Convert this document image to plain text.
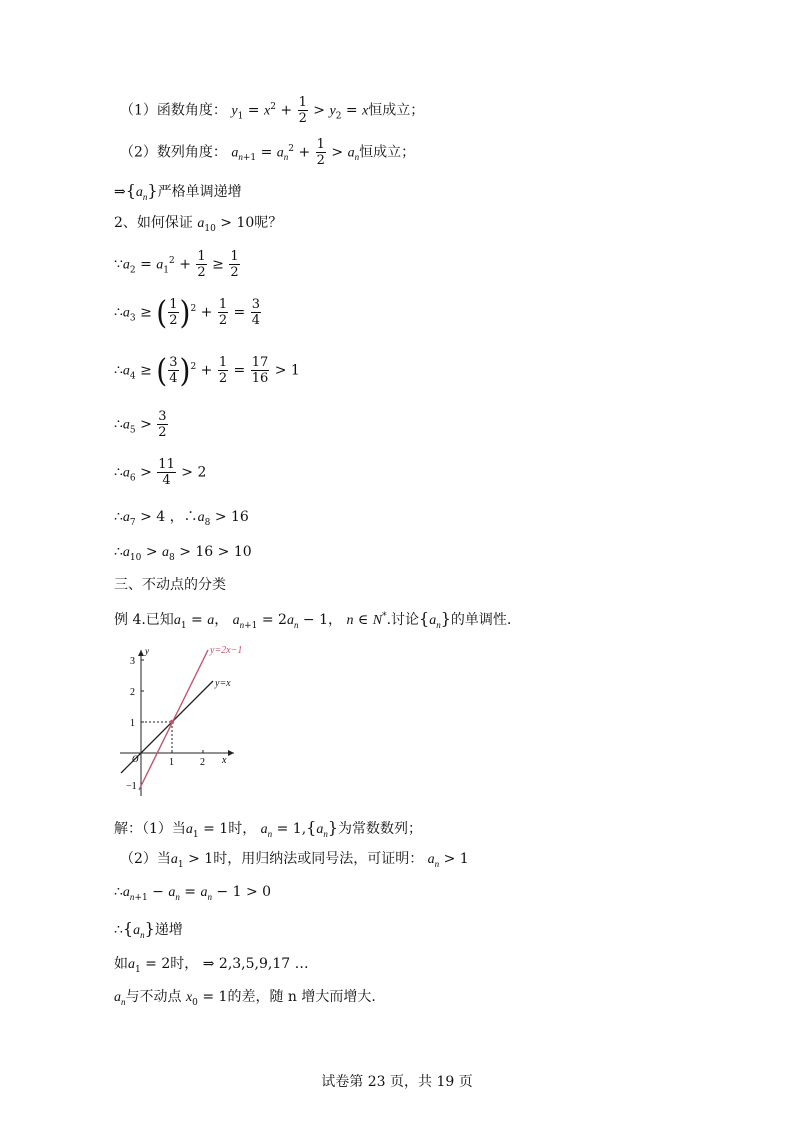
（1）函数角度： $y_1 = x^2 + \frac{1}{2} > y_2 = x$恒成立；
（2）数列角度： $a_{n+1} = a_n^2 + \frac{1}{2} > a_n$恒成立；
$\Rightarrow\{a_n\}$严格单调递增
2、如何保证 $a_{10} > 10$呢？
$\because a_2 = a_1^2 + \frac{1}{2} \ge \frac{1}{2}$
$\therefore a_3$ ≥ ( $\frac{1}{2} )^2 + \frac{1}{2} = \frac{3}{4}$
$\therefore a_4$ ≥ ( $\frac{3}{4} )^2 + \frac{1}{2} = \frac{17}{16} > 1$
$\therefore a_5 > \frac{3}{2}$
$\therefore a_6 > \frac{11}{4} > 2$
$\therefore a_7 > 4$ ，$\therefore a_8 > 16$
$\therefore a_{10} > a_8 > 16 > 10$
三、不动点的分类
例 4.已知$a_1 = a$， $a_{n+1} = 2a_n - 1$， n ∈ N*.讨论$\{a_n\}$的单调性.
y=2x−1
y=x
x
y
1	2
3
2
1
−1
O
解：（1）当$a_1 = 1$时， $a_n = 1,\{a_n\}$为常数数列；
（2）当$a_1 > 1$时，用归纳法或同号法，可证明： $a_n > 1$
$\therefore a_{n+1} - a_n = a_n - 1 > 0$
$\therefore\{a_n\}$递增
如$a_1 = 2$时， ⇒ 2,3,5,9,17 …
$a_n$与不动点 $x_0 = 1$的差，随 n 增大而增大.
试卷第 23 页，共 19 页
